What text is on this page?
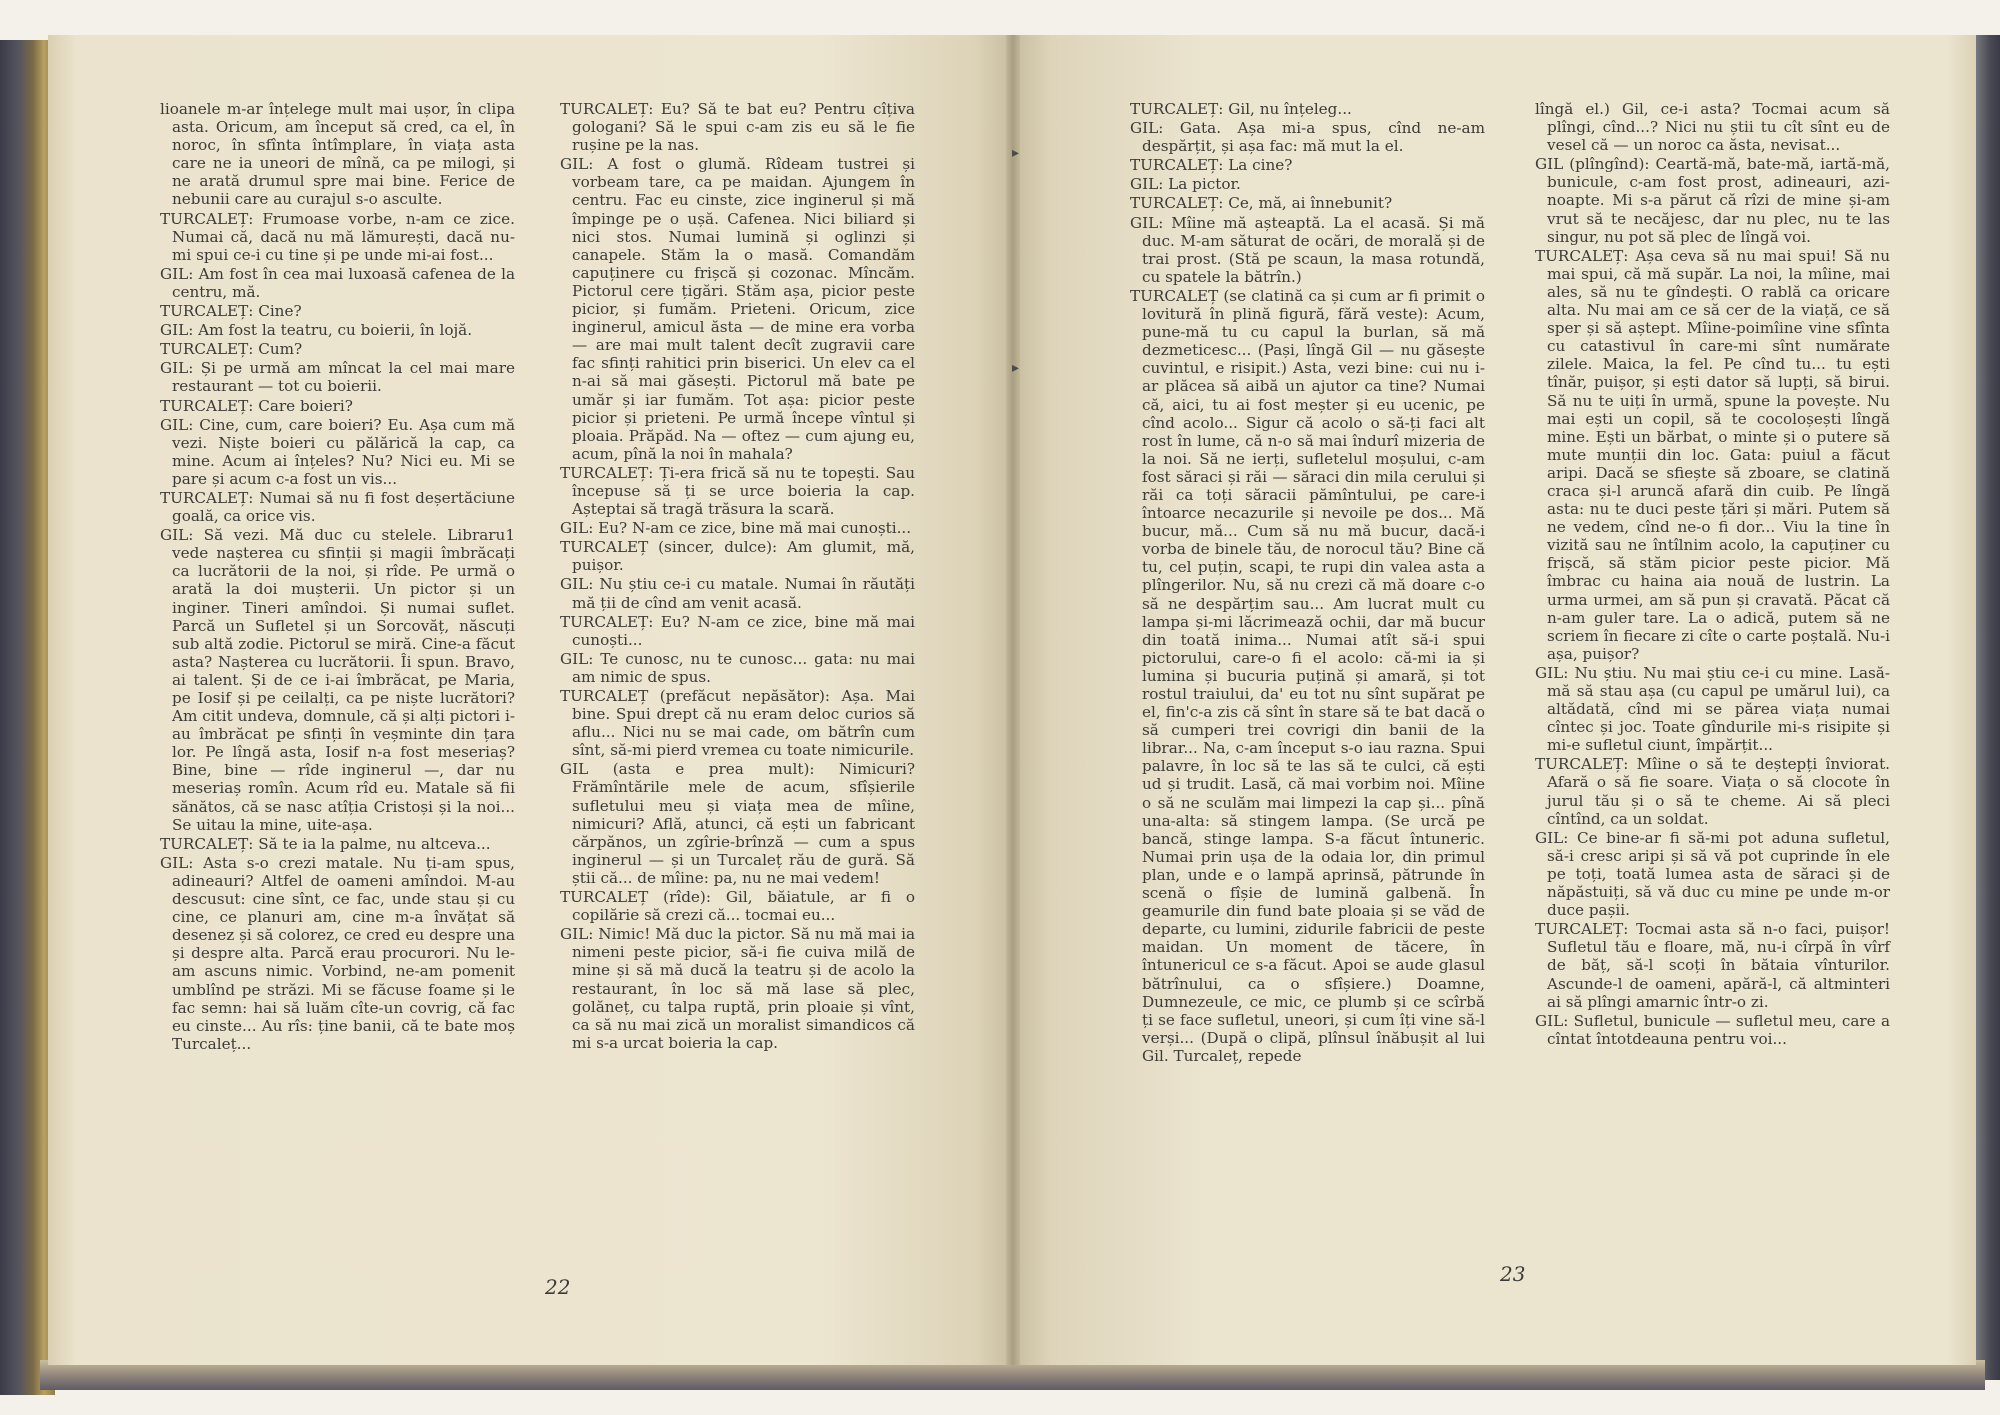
lioanele m-ar înțelege mult mai ușor, în clipa asta. Oricum, am început să cred, ca el, în noroc, în sfînta întîmplare, în viața asta care ne ia uneori de mînă, ca pe milogi, și ne arată drumul spre mai bine. Ferice de nebunii care au curajul s-o asculte.

TURCALEȚ: Frumoase vorbe, n-am ce zice. Numai că, dacă nu mă lămurești, dacă nu-mi spui ce-i cu tine și pe unde mi-ai fost...

GIL: Am fost în cea mai luxoasă cafenea de la centru, mă.

TURCALEȚ: Cine?

GIL: Am fost la teatru, cu boierii, în lojă.

TURCALEȚ: Cum?

GIL: Și pe urmă am mîncat la cel mai mare restaurant — tot cu boierii.

TURCALEȚ: Care boieri?

GIL: Cine, cum, care boieri? Eu. Așa cum mă vezi. Niște boieri cu pălărică la cap, ca mine. Acum ai înțeles? Nu? Nici eu. Mi se pare și acum c-a fost un vis...

TURCALEȚ: Numai să nu fi fost deșertăciune goală, ca orice vis.

GIL: Să vezi. Mă duc cu stelele. Libraru1 vede nașterea cu sfinții și magii îmbrăcați ca lucrătorii de la noi, și rîde. Pe urmă o arată la doi mușterii. Un pictor și un inginer. Tineri amîndoi. Și numai suflet. Parcă un Sufletel și un Sorcovăț, născuți sub altă zodie. Pictorul se miră. Cine-a făcut asta? Nașterea cu lucrătorii. Îi spun. Bravo, ai talent. Și de ce i-ai îmbrăcat, pe Maria, pe Iosif și pe ceilalți, ca pe niște lucrători? Am citit undeva, domnule, că și alți pictori i-au îmbrăcat pe sfinți în veșminte din țara lor. Pe lîngă asta, Iosif n-a fost meseriaș? Bine, bine — rîde inginerul —, dar nu meseriaș romîn. Acum rîd eu. Matale să fii sănătos, că se nasc atîția Cristoși și la noi... Se uitau la mine, uite-așa.

TURCALEȚ: Să te ia la palme, nu altceva...

GIL: Asta s-o crezi matale. Nu ți-am spus, adineauri? Altfel de oameni amîndoi. M-au descusut: cine sînt, ce fac, unde stau și cu cine, ce planuri am, cine m-a învățat să desenez și să colorez, ce cred eu despre una și despre alta. Parcă erau procurori. Nu le-am ascuns nimic. Vorbind, ne-am pomenit umblînd pe străzi. Mi se făcuse foame și le fac semn: hai să luăm cîte-un covrig, că fac eu cinste... Au rîs: ține banii, că te bate moș Turcaleț...

TURCALEȚ: Eu? Să te bat eu? Pentru cîțiva gologani? Să le spui c-am zis eu să le fie rușine pe la nas.

GIL: A fost o glumă. Rîdeam tustrei și vorbeam tare, ca pe maidan. Ajungem în centru. Fac eu cinste, zice inginerul și mă împinge pe o ușă. Cafenea. Nici biliard și nici stos. Numai lumină și oglinzi și canapele. Stăm la o masă. Comandăm capuținere cu frișcă și cozonac. Mîncăm. Pictorul cere țigări. Stăm așa, picior peste picior, și fumăm. Prieteni. Oricum, zice inginerul, amicul ăsta — de mine era vorba — are mai mult talent decît zugravii care fac sfinți rahitici prin biserici. Un elev ca el n-ai să mai găsești. Pictorul mă bate pe umăr și iar fumăm. Tot așa: picior peste picior și prieteni. Pe urmă începe vîntul și ploaia. Prăpăd. Na — oftez — cum ajung eu, acum, pînă la noi în mahala?

TURCALEȚ: Ți-era frică să nu te topești. Sau începuse să ți se urce boieria la cap. Așteptai să tragă trăsura la scară.

GIL: Eu? N-am ce zice, bine mă mai cunoști...

TURCALEȚ (sincer, dulce): Am glumit, mă, puișor.

GIL: Nu știu ce-i cu matale. Numai în răutăți mă ții de cînd am venit acasă.

TURCALEȚ: Eu? N-am ce zice, bine mă mai cunoști...

GIL: Te cunosc, nu te cunosc... gata: nu mai am nimic de spus.

TURCALEȚ (prefăcut nepăsător): Așa. Mai bine. Spui drept că nu eram deloc curios să aflu... Nici nu se mai cade, om bătrîn cum sînt, să-mi pierd vremea cu toate nimicurile.

GIL (asta e prea mult): Nimicuri? Frămîntările mele de acum, sfîșierile sufletului meu și viața mea de mîine, nimicuri? Află, atunci, că ești un fabricant cărpănos, un zgîrie-brînză — cum a spus inginerul — și un Turcaleț rău de gură. Să știi că... de mîine: pa, nu ne mai vedem!

TURCALEȚ (rîde): Gil, băiatule, ar fi o copilărie să crezi că... tocmai eu...

GIL: Nimic! Mă duc la pictor. Să nu mă mai ia nimeni peste picior, să-i fie cuiva milă de mine și să mă ducă la teatru și de acolo la restaurant, în loc să mă lase să plec, golăneț, cu talpa ruptă, prin ploaie și vînt, ca să nu mai zică un moralist simandicos că mi s-a urcat boieria la cap.

TURCALEȚ: Gil, nu înțeleg...

GIL: Gata. Așa mi-a spus, cînd ne-am despărțit, și așa fac: mă mut la el.

TURCALEȚ: La cine?

GIL: La pictor.

TURCALEȚ: Ce, mă, ai înnebunit?

GIL: Mîine mă așteaptă. La el acasă. Și mă duc. M-am săturat de ocări, de morală și de trai prost. (Stă pe scaun, la masa rotundă, cu spatele la bătrîn.)

TURCALEȚ (se clatină ca și cum ar fi primit o lovitură în plină figură, fără veste): Acum, pune-mă tu cu capul la burlan, să mă dezmeticesc... (Pași, lîngă Gil — nu găsește cuvintul, e risipit.) Asta, vezi bine: cui nu i-ar plăcea să aibă un ajutor ca tine? Numai că, aici, tu ai fost meșter și eu ucenic, pe cînd acolo... Sigur că acolo o să-ți faci alt rost în lume, că n-o să mai îndurî mizeria de la noi. Să ne ierți, sufletelul moșului, c-am fost săraci și răi — săraci din mila cerului și răi ca toți săracii pămîntului, pe care-i întoarce necazurile și nevoile pe dos... Mă bucur, mă... Cum să nu mă bucur, dacă-i vorba de binele tău, de norocul tău? Bine că tu, cel puțin, scapi, te rupi din valea asta a plîngerilor. Nu, să nu crezi că mă doare c-o să ne despărțim sau... Am lucrat mult cu lampa și-mi lăcrimează ochii, dar mă bucur din toată inima... Numai atît să-i spui pictorului, care-o fi el acolo: că-mi ia și lumina și bucuria puțină și amară, și tot rostul traiului, da' eu tot nu sînt supărat pe el, fin'c-a zis că sînt în stare să te bat dacă o să cumperi trei covrigi din banii de la librar... Na, c-am început s-o iau razna. Spui palavre, în loc să te las să te culci, că ești ud și trudit. Lasă, că mai vorbim noi. Mîine o să ne sculăm mai limpezi la cap și... pînă una-alta: să stingem lampa. (Se urcă pe bancă, stinge lampa. S-a făcut întuneric. Numai prin ușa de la odaia lor, din primul plan, unde e o lampă aprinsă, pătrunde în scenă o fîșie de lumină galbenă. În geamurile din fund bate ploaia și se văd de departe, cu lumini, zidurile fabricii de peste maidan. Un moment de tăcere, în întunericul ce s-a făcut. Apoi se aude glasul bătrînului, ca o sfîșiere.) Doamne, Dumnezeule, ce mic, ce plumb și ce scîrbă ți se face sufletul, uneori, și cum îți vine să-l verși... (După o clipă, plînsul înăbușit al lui Gil. Turcaleț, repede

lîngă el.) Gil, ce-i asta? Tocmai acum să plîngi, cînd...? Nici nu știi tu cît sînt eu de vesel că — un noroc ca ăsta, nevisat...

GIL (plîngînd): Ceartă-mă, bate-mă, iartă-mă, bunicule, c-am fost prost, adineauri, azi-noapte. Mi s-a părut că rîzi de mine și-am vrut să te necăjesc, dar nu plec, nu te las singur, nu pot să plec de lîngă voi.

TURCALEȚ: Așa ceva să nu mai spui! Să nu mai spui, că mă supăr. La noi, la mîine, mai ales, să nu te gîndești. O rablă ca oricare alta. Nu mai am ce să cer de la viață, ce să sper și să aștept. Mîine-poimîine vine sfînta cu catastivul în care-mi sînt numărate zilele. Maica, la fel. Pe cînd tu... tu ești tînăr, puișor, și ești dator să lupți, să birui. Să nu te uiți în urmă, spune la povește. Nu mai ești un copil, să te cocoloșești lîngă mine. Ești un bărbat, o minte și o putere să mute munții din loc. Gata: puiul a făcut aripi. Dacă se sfiește să zboare, se clatină craca și-l aruncă afară din cuib. Pe lîngă asta: nu te duci peste țări și mări. Putem să ne vedem, cînd ne-o fi dor... Viu la tine în vizită sau ne întîlnim acolo, la capuținer cu frișcă, să stăm picior peste picior. Mă îmbrac cu haina aia nouă de lustrin. La urma urmei, am să pun și cravată. Păcat că n-am guler tare. La o adică, putem să ne scriem în fiecare zi cîte o carte poștală. Nu-i așa, puișor?

GIL: Nu știu. Nu mai știu ce-i cu mine. Lasă-mă să stau așa (cu capul pe umărul lui), ca altădată, cînd mi se părea viața numai cîntec și joc. Toate gîndurile mi-s risipite și mi-e sufletul ciunt, împărțit...

TURCALEȚ: Mîine o să te deștepți înviorat. Afară o să fie soare. Viața o să clocote în jurul tău și o să te cheme. Ai să pleci cîntînd, ca un soldat.

GIL: Ce bine-ar fi să-mi pot aduna sufletul, să-i cresc aripi și să vă pot cuprinde în ele pe toți, toată lumea asta de săraci și de năpăstuiți, să vă duc cu mine pe unde m-or duce pașii.

TURCALEȚ: Tocmai asta să n-o faci, puișor! Sufletul tău e floare, mă, nu-i cîrpă în vîrf de băț, să-l scoți în bătaia vînturilor. Ascunde-l de oameni, apără-l, că altminteri ai să plîngi amarnic într-o zi.

GIL: Sufletul, bunicule — sufletul meu, care a cîntat întotdeauna pentru voi...

22
23
▸
▸
